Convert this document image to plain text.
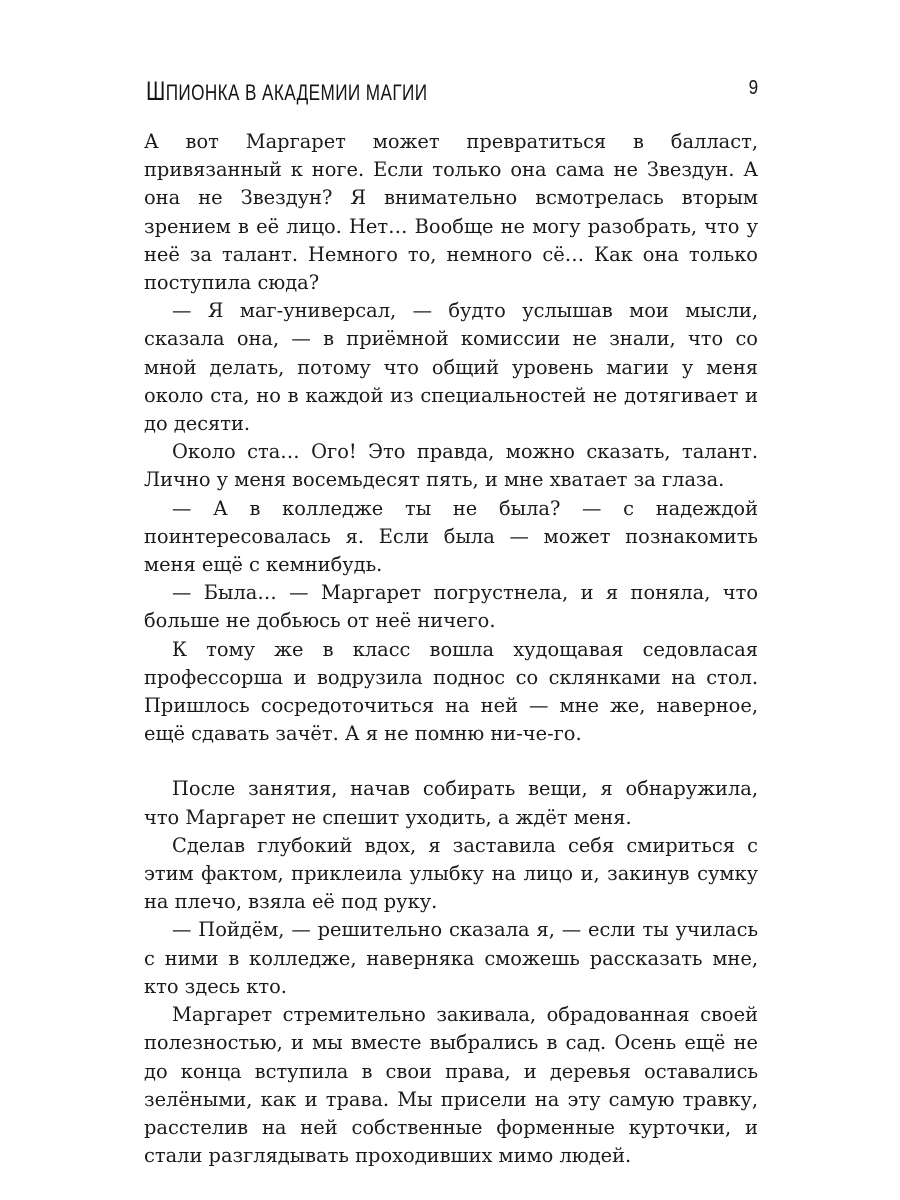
ШПИОНКА В АКАДЕМИИ МАГИИ	9

А вот Маргарет может превратиться в балласт, привязанный к ноге. Если только она сама не Звездун. А она не Звездун? Я внимательно всмотрелась вторым зрением в её лицо. Нет… Вообще не могу разобрать, что у неё за талант. Немного то, немного сё… Как она только поступила сюда?

— Я маг-универсал, — будто услышав мои мысли, сказала она, — в приёмной комиссии не знали, что со мной делать, потому что общий уровень магии у меня около ста, но в каждой из специальностей не дотягивает и до десяти.

Около ста… Ого! Это правда, можно сказать, талант. Лично у меня восемьдесят пять, и мне хватает за глаза.

— А в колледже ты не была? — с надеждой поинтересовалась я. Если была — может познакомить меня ещё с кемнибудь.

— Была… — Маргарет погрустнела, и я поняла, что больше не добьюсь от неё ничего.

К тому же в класс вошла худощавая седовласая профессорша и водрузила поднос со склянками на стол. Пришлось сосредоточиться на ней — мне же, наверное, ещё сдавать зачёт. А я не помню ни-че-го.

После занятия, начав собирать вещи, я обнаружила, что Маргарет не спешит уходить, а ждёт меня.

Сделав глубокий вдох, я заставила себя смириться с этим фактом, приклеила улыбку на лицо и, закинув сумку на плечо, взяла её под руку.

— Пойдём, — решительно сказала я, — если ты училась с ними в колледже, наверняка сможешь рассказать мне, кто здесь кто.

Маргарет стремительно закивала, обрадованная своей полезностью, и мы вместе выбрались в сад. Осень ещё не до конца вступила в свои права, и деревья оставались зелёными, как и трава. Мы присели на эту самую травку, расстелив на ней собственные форменные курточки, и стали разглядывать проходивших мимо людей.
